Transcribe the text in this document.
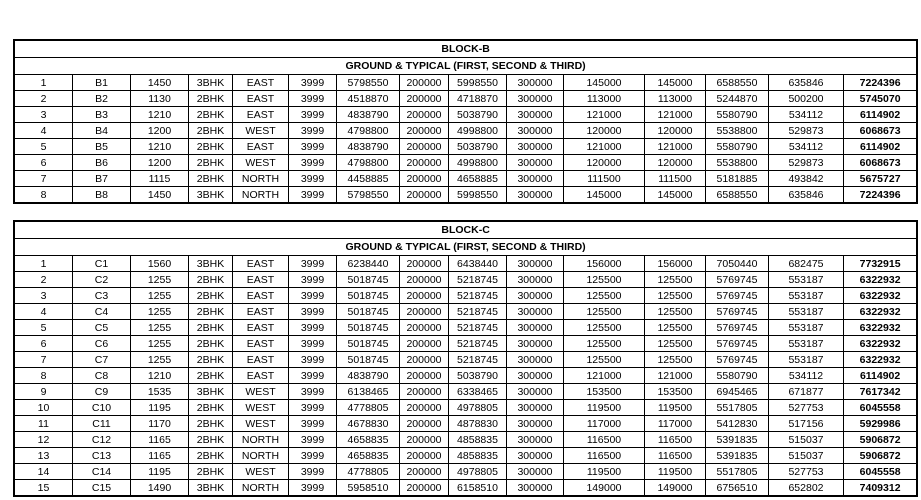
BLOCK-B														
GROUND & TYPICAL (FIRST, SECOND & THIRD)														
1	B1	1450	3BHK	EAST	3999	5798550	200000	5998550	300000	145000	145000	6588550	635846	7224396
2	B2	1130	2BHK	EAST	3999	4518870	200000	4718870	300000	113000	113000	5244870	500200	5745070
3	B3	1210	2BHK	EAST	3999	4838790	200000	5038790	300000	121000	121000	5580790	534112	6114902
4	B4	1200	2BHK	WEST	3999	4798800	200000	4998800	300000	120000	120000	5538800	529873	6068673
5	B5	1210	2BHK	EAST	3999	4838790	200000	5038790	300000	121000	121000	5580790	534112	6114902
6	B6	1200	2BHK	WEST	3999	4798800	200000	4998800	300000	120000	120000	5538800	529873	6068673
7	B7	1115	2BHK	NORTH	3999	4458885	200000	4658885	300000	111500	111500	5181885	493842	5675727
8	B8	1450	3BHK	NORTH	3999	5798550	200000	5998550	300000	145000	145000	6588550	635846	7224396
BLOCK-C														
GROUND & TYPICAL (FIRST, SECOND & THIRD)														
1	C1	1560	3BHK	EAST	3999	6238440	200000	6438440	300000	156000	156000	7050440	682475	7732915
2	C2	1255	2BHK	EAST	3999	5018745	200000	5218745	300000	125500	125500	5769745	553187	6322932
3	C3	1255	2BHK	EAST	3999	5018745	200000	5218745	300000	125500	125500	5769745	553187	6322932
4	C4	1255	2BHK	EAST	3999	5018745	200000	5218745	300000	125500	125500	5769745	553187	6322932
5	C5	1255	2BHK	EAST	3999	5018745	200000	5218745	300000	125500	125500	5769745	553187	6322932
6	C6	1255	2BHK	EAST	3999	5018745	200000	5218745	300000	125500	125500	5769745	553187	6322932
7	C7	1255	2BHK	EAST	3999	5018745	200000	5218745	300000	125500	125500	5769745	553187	6322932
8	C8	1210	2BHK	EAST	3999	4838790	200000	5038790	300000	121000	121000	5580790	534112	6114902
9	C9	1535	3BHK	WEST	3999	6138465	200000	6338465	300000	153500	153500	6945465	671877	7617342
10	C10	1195	2BHK	WEST	3999	4778805	200000	4978805	300000	119500	119500	5517805	527753	6045558
11	C11	1170	2BHK	WEST	3999	4678830	200000	4878830	300000	117000	117000	5412830	517156	5929986
12	C12	1165	2BHK	NORTH	3999	4658835	200000	4858835	300000	116500	116500	5391835	515037	5906872
13	C13	1165	2BHK	NORTH	3999	4658835	200000	4858835	300000	116500	116500	5391835	515037	5906872
14	C14	1195	2BHK	WEST	3999	4778805	200000	4978805	300000	119500	119500	5517805	527753	6045558
15	C15	1490	3BHK	NORTH	3999	5958510	200000	6158510	300000	149000	149000	6756510	652802	7409312
